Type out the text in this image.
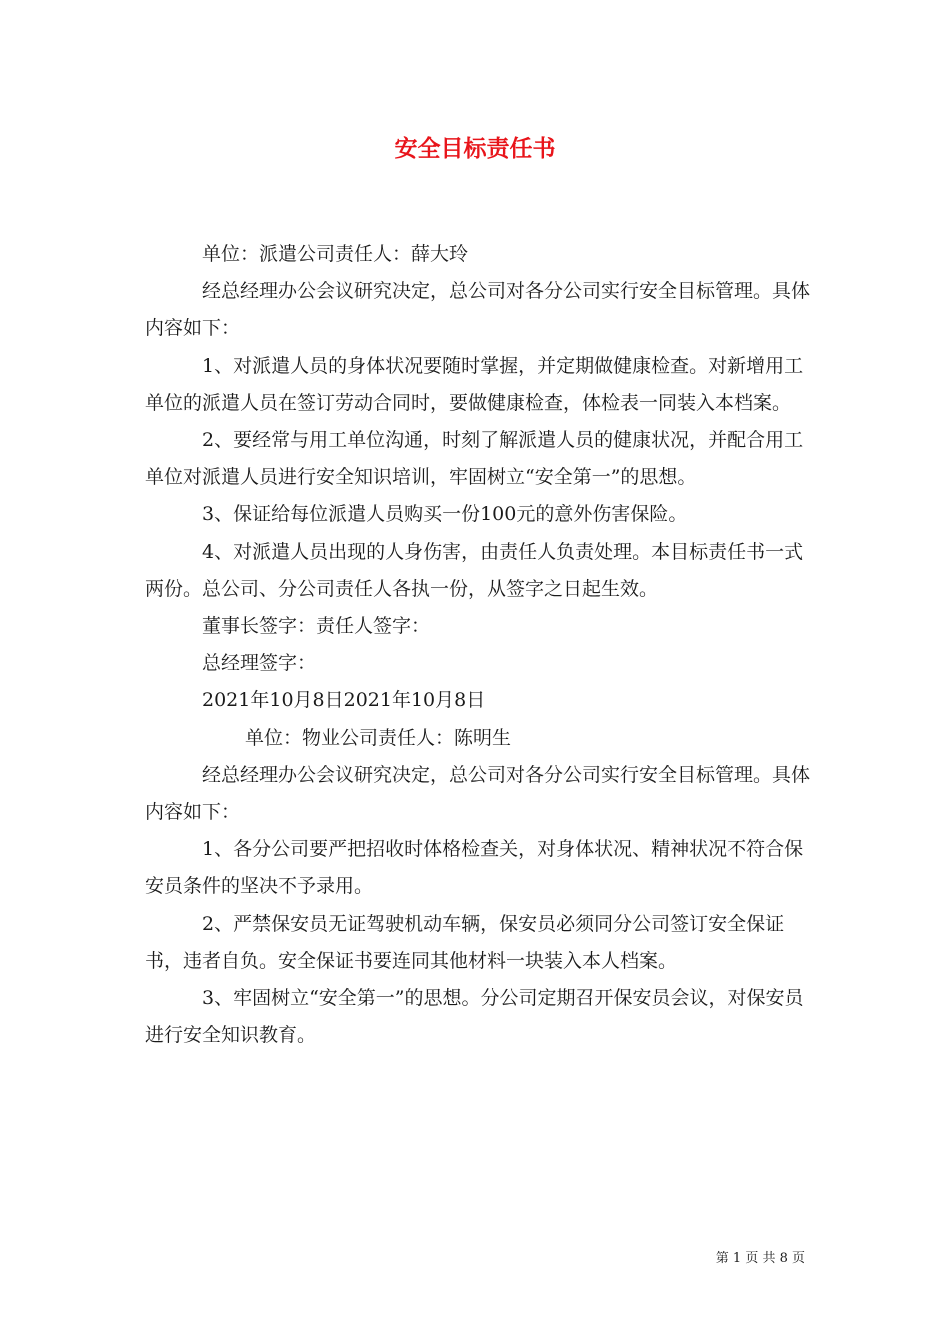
安全目标责任书

单位：派遣公司责任人：薛大玲

经总经理办公会议研究决定，总公司对各分公司实行安全目标管理。具体内容如下：

1、对派遣人员的身体状况要随时掌握，并定期做健康检查。对新增用工单位的派遣人员在签订劳动合同时，要做健康检查，体检表一同装入本档案。

2、要经常与用工单位沟通，时刻了解派遣人员的健康状况，并配合用工单位对派遣人员进行安全知识培训，牢固树立“安全第一”的思想。

3、保证给每位派遣人员购买一份100元的意外伤害保险。

4、对派遣人员出现的人身伤害，由责任人负责处理。本目标责任书一式两份。总公司、分公司责任人各执一份，从签字之日起生效。

董事长签字：责任人签字：

总经理签字：

2021年10月8日2021年10月8日

单位：物业公司责任人：陈明生

经总经理办公会议研究决定，总公司对各分公司实行安全目标管理。具体内容如下：

1、各分公司要严把招收时体格检查关，对身体状况、精神状况不符合保安员条件的坚决不予录用。

2、严禁保安员无证驾驶机动车辆，保安员必须同分公司签订安全保证书，违者自负。安全保证书要连同其他材料一块装入本人档案。

3、牢固树立“安全第一”的思想。分公司定期召开保安员会议，对保安员进行安全知识教育。

第 1 页 共 8 页
